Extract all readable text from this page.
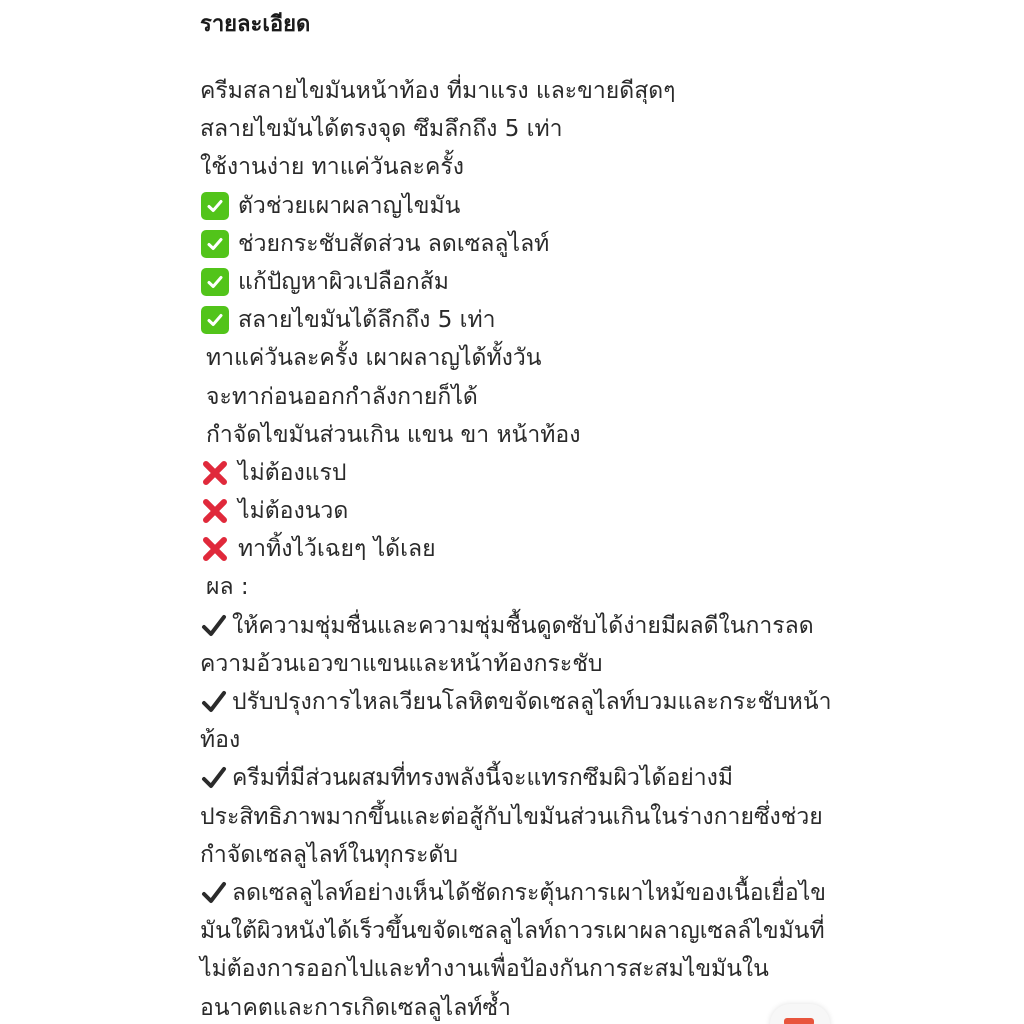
รายละเอียด
ครีมสลายไขมันหน้าท้อง ที่มาแรง และขายดีสุดๆ
สลายไขมันได้ตรงจุด ซึมลึกถึง 5 เท่า
ใช้งานง่าย ทาแค่วันละครั้ง
ตัวช่วยเผาผลาญไขมัน
ช่วยกระชับสัดส่วน ลดเซลลูไลท์
แก้ปัญหาผิวเปลือกส้ม
สลายไขมันได้ลึกถึง 5 เท่า
ทาแค่วันละครั้ง เผาผลาญได้ทั้งวัน
จะทาก่อนออกกำลังกายก็ได้
กำจัดไขมันส่วนเกิน แขน ขา หน้าท้อง
ไม่ต้องแรป
ไม่ต้องนวด
ทาทิ้งไว้เฉยๆ ได้เลย
ผล :
ให้ความชุ่มชื่นและความชุ่มชื้นดูดซับได้ง่ายมีผลดีในการลด
ความอ้วนเอวขาแขนและหน้าท้องกระชับ
ปรับปรุงการไหลเวียนโลหิตขจัดเซลลูไลท์บวมและกระชับหน้า
ท้อง
ครีมที่มีส่วนผสมที่ทรงพลังนี้จะแทรกซึมผิวได้อย่างมี
ประสิทธิภาพมากขึ้นและต่อสู้กับไขมันส่วนเกินในร่างกายซึ่งช่วย
กำจัดเซลลูไลท์ในทุกระดับ
ลดเซลลูไลท์อย่างเห็นได้ชัดกระตุ้นการเผาไหม้ของเนื้อเยื่อไข
มันใต้ผิวหนังได้เร็วขึ้นขจัดเซลลูไลท์ถาวรเผาผลาญเซลล์ไขมันที่
ไม่ต้องการออกไปและทำงานเพื่อป้องกันการสะสมไขมันใน
อนาคตและการเกิดเซลลูไลท์ซ้ำ
